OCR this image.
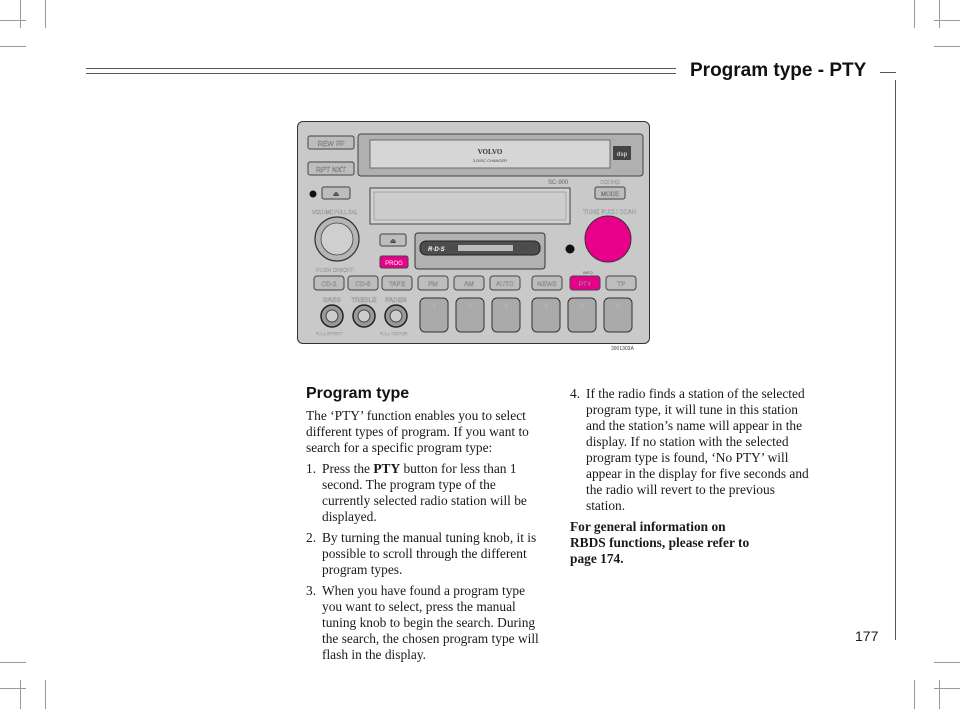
Program type - PTY
VOLVO
3-DISC CHANGER
dsp
REW FF
RPT NXT
⏏
SC-900	SOUND
MODE
VOLUME PULL BAL	TUNE PUSH SCAN
R·D·S
⏏
PROG
PUSH ON/OFF
CD-1	CD-5	TAPE	FM	AM	AUTO	NEWS	PTY	TP
INFO
BASS TREBLE FADER
PULL EFFECT	PULL CENTER
1	2	3	4	5	6
3901303A
Program type
The ‘PTY’ function enables you to select different types of program. If you want to search for a specific program type:
1. Press the PTY button for less than 1 second. The program type of the currently selected radio station will be displayed.
2. By turning the manual tuning knob, it is possible to scroll through the different program types.
3. When you have found a program type you want to select, press the manual tuning knob to begin the search. During the search, the chosen program type will flash in the display.
4. If the radio finds a station of the selected program type, it will tune in this station and the station’s name will appear in the display. If no station with the selected program type is found, ‘No PTY’ will appear in the display for five seconds and the radio will revert to the previous station.
For general information on RBDS functions, please refer to page 174.
177
